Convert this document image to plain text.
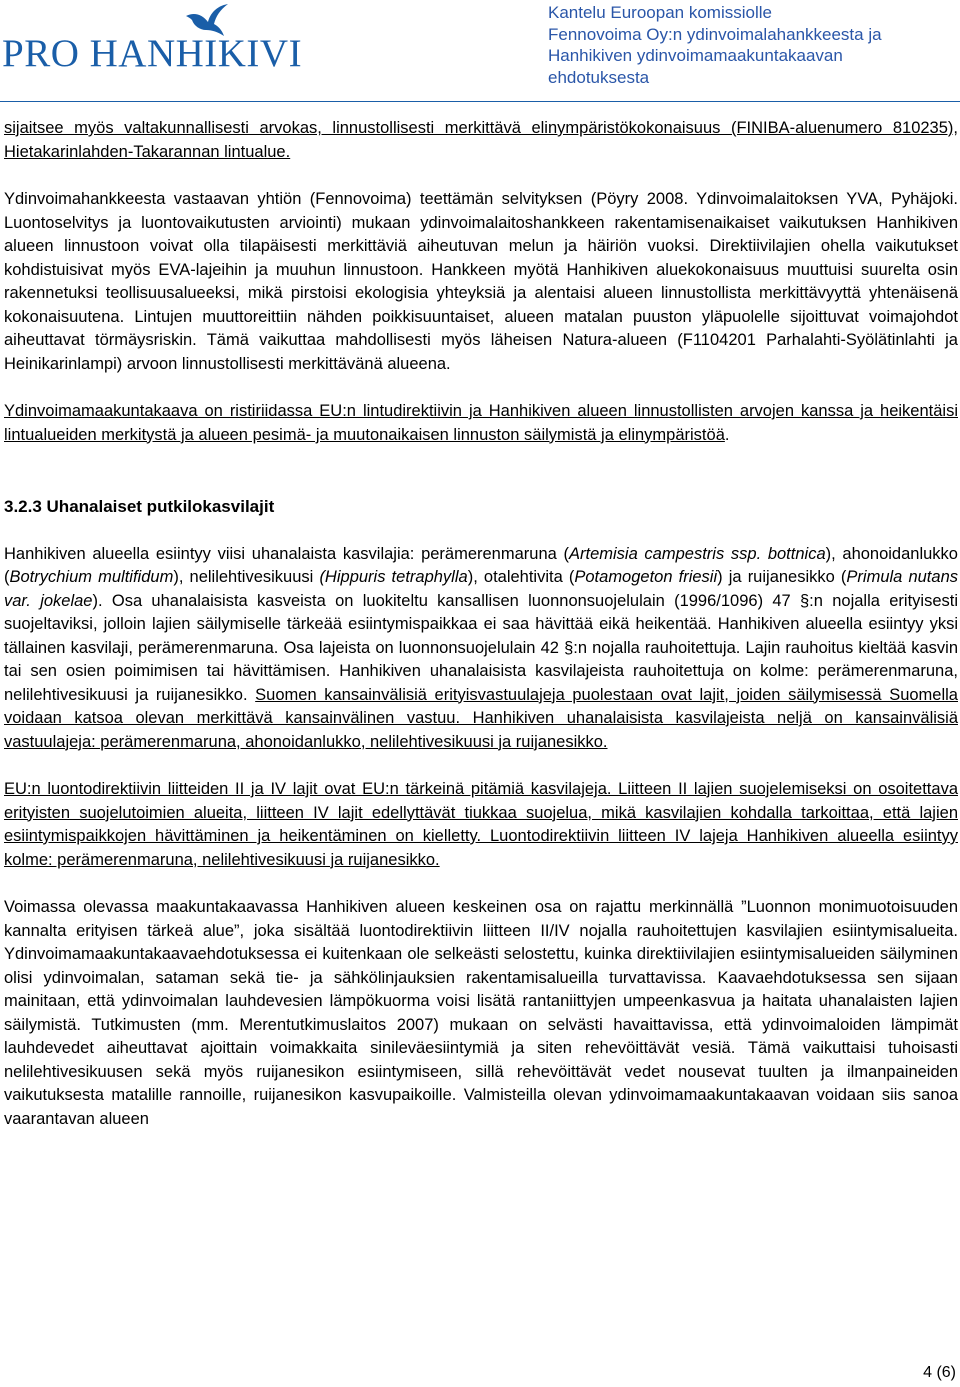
PRO HANHIKIVI
Kantelu Euroopan komissiolle
Fennovoima Oy:n ydinvoimalahankkeesta ja
Hanhikiven ydinvoimamaakuntakaavan
ehdotuksesta

sijaitsee myös valtakunnallisesti arvokas, linnustollisesti merkittävä elinympäristökokonaisuus (FINIBA-aluenumero 810235), Hietakarinlahden-Takarannan lintualue.

Ydinvoimahankkeesta vastaavan yhtiön (Fennovoima) teettämän selvityksen (Pöyry 2008. Ydinvoimalaitoksen YVA, Pyhäjoki. Luontoselvitys ja luontovaikutusten arviointi) mukaan ydinvoimalaitoshankkeen rakentamisenaikaiset vaikutuksen Hanhikiven alueen linnustoon voivat olla tilapäisesti merkittäviä aiheutuvan melun ja häiriön vuoksi. Direktiivilajien ohella vaikutukset kohdistuisivat myös EVA-lajeihin ja muuhun linnustoon. Hankkeen myötä Hanhikiven aluekokonaisuus muuttuisi suurelta osin rakennetuksi teollisuusalueeksi, mikä pirstoisi ekologisia yhteyksiä ja alentaisi alueen linnustollista merkittävyyttä yhtenäisenä kokonaisuutena. Lintujen muuttoreittiin nähden poikkisuuntaiset, alueen matalan puuston yläpuolelle sijoittuvat voimajohdot aiheuttavat törmäysriskin. Tämä vaikuttaa mahdollisesti myös läheisen Natura-alueen (F1104201 Parhalahti-Syölätinlahti ja Heinikarinlampi) arvoon linnustollisesti merkittävänä alueena.

Ydinvoimamaakuntakaava on ristiriidassa EU:n lintudirektiivin ja Hanhikiven alueen linnustollisten arvojen kanssa ja heikentäisi lintualueiden merkitystä ja alueen pesimä- ja muutonaikaisen linnuston säilymistä ja elinympäristöä.

3.2.3 Uhanalaiset putkilokasvilajit

Hanhikiven alueella esiintyy viisi uhanalaista kasvilajia: perämerenmaruna (Artemisia campestris ssp. bottnica), ahonoidanlukko (Botrychium multifidum), nelilehtivesikuusi (Hippuris tetraphylla), otalehtivita (Potamogeton friesii) ja ruijanesikko (Primula nutans var. jokelae). Osa uhanalaisista kasveista on luokiteltu kansallisen luonnonsuojelulain (1996/1096) 47 §:n nojalla erityisesti suojeltaviksi, jolloin lajien säilymiselle tärkeää esiintymispaikkaa ei saa hävittää eikä heikentää. Hanhikiven alueella esiintyy yksi tällainen kasvilaji, perämerenmaruna. Osa lajeista on luonnonsuojelulain 42 §:n nojalla rauhoitettuja. Lajin rauhoitus kieltää kasvin tai sen osien poimimisen tai hävittämisen. Hanhikiven uhanalaisista kasvilajeista rauhoitettuja on kolme: perämerenmaruna, nelilehtivesikuusi ja ruijanesikko. Suomen kansainvälisiä erityisvastuulajeja puolestaan ovat lajit, joiden säilymisessä Suomella voidaan katsoa olevan merkittävä kansainvälinen vastuu. Hanhikiven uhanalaisista kasvilajeista neljä on kansainvälisiä vastuulajeja: perämerenmaruna, ahonoidanlukko, nelilehtivesikuusi ja ruijanesikko.

EU:n luontodirektiivin liitteiden II ja IV lajit ovat EU:n tärkeinä pitämiä kasvilajeja. Liitteen II lajien suojelemiseksi on osoitettava erityisten suojelutoimien alueita, liitteen IV lajit edellyttävät tiukkaa suojelua, mikä kasvilajien kohdalla tarkoittaa, että lajien esiintymispaikkojen hävittäminen ja heikentäminen on kielletty. Luontodirektiivin liitteen IV lajeja Hanhikiven alueella esiintyy kolme: perämerenmaruna, nelilehtivesikuusi ja ruijanesikko.

Voimassa olevassa maakuntakaavassa Hanhikiven alueen keskeinen osa on rajattu merkinnällä ”Luonnon monimuotoisuuden kannalta erityisen tärkeä alue”, joka sisältää luontodirektiivin liitteen II/IV nojalla rauhoitettujen kasvilajien esiintymisalueita. Ydinvoimamaakuntakaavaehdotuksessa ei kuitenkaan ole selkeästi selostettu, kuinka direktiivilajien esiintymisalueiden säilyminen olisi ydinvoimalan, sataman sekä tie- ja sähkölinjauksien rakentamisalueilla turvattavissa. Kaavaehdotuksessa sen sijaan mainitaan, että ydinvoimalan lauhdevesien lämpökuorma voisi lisätä rantaniittyjen umpeenkasvua ja haitata uhanalaisten lajien säilymistä. Tutkimusten (mm. Merentutkimuslaitos 2007) mukaan on selvästi havaittavissa, että ydinvoimaloiden lämpimät lauhdevedet aiheuttavat ajoittain voimakkaita sinileväesiintymiä ja siten rehevöittävät vesiä. Tämä vaikuttaisi tuhoisasti nelilehtivesikuusen sekä myös ruijanesikon esiintymiseen, sillä rehevöittävät vedet nousevat tuulten ja ilmanpaineiden vaikutuksesta matalille rannoille, ruijanesikon kasvupaikoille. Valmisteilla olevan ydinvoimamaakuntakaavan voidaan siis sanoa vaarantavan alueen

4 (6)
